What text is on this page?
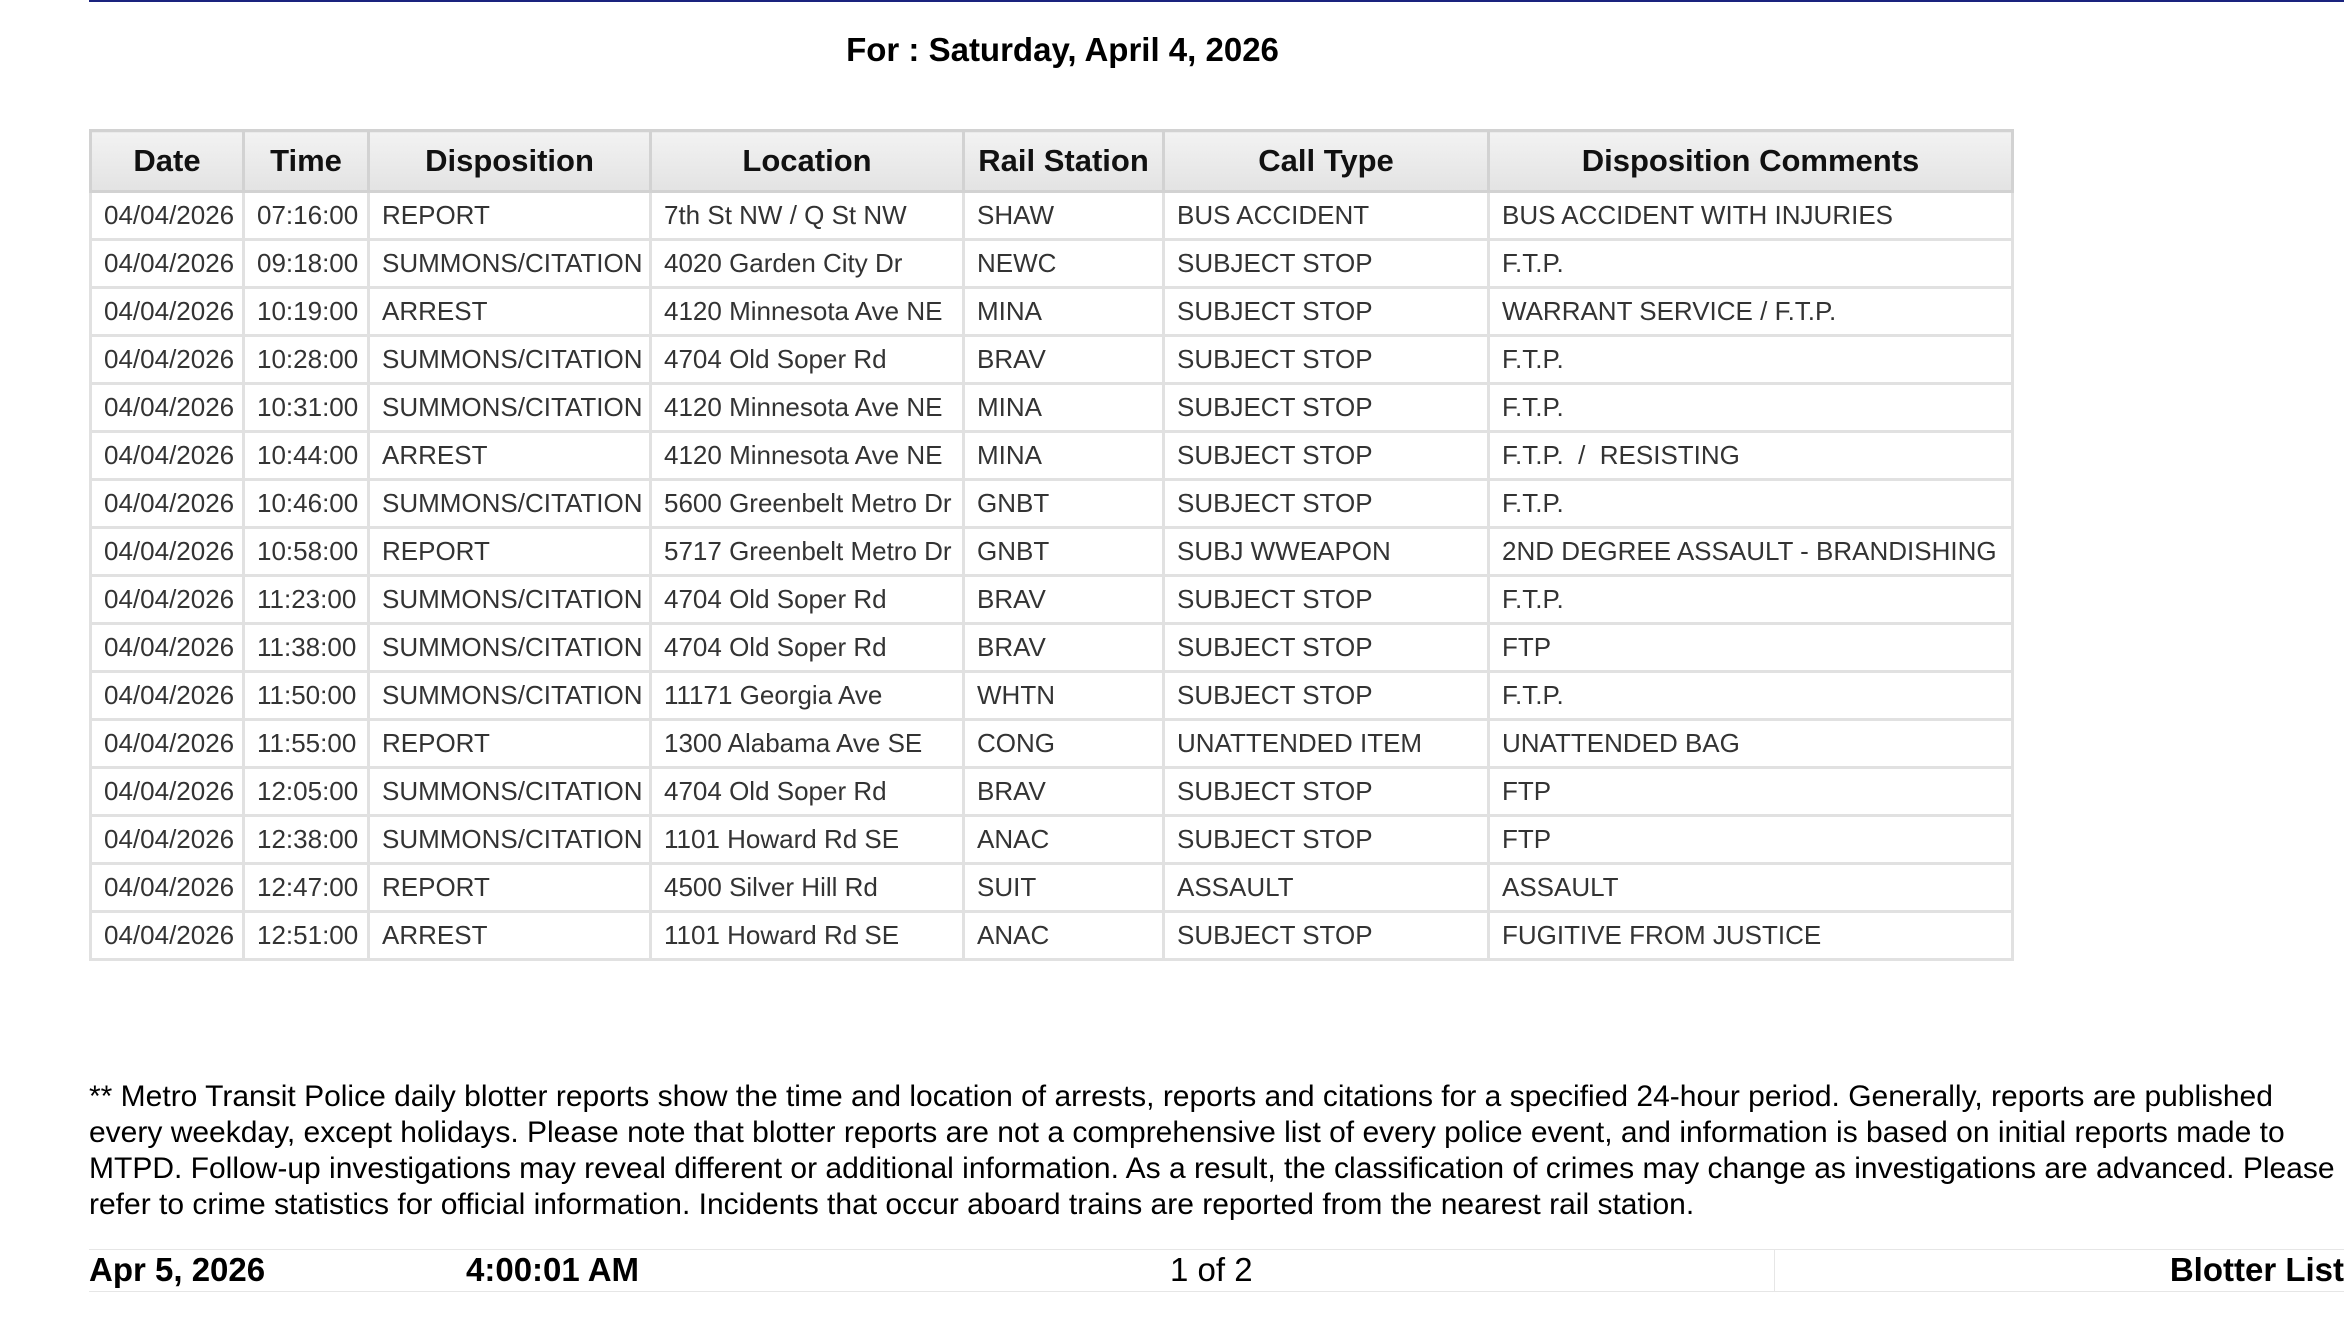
For : Saturday, April 4, 2026
Date	Time	Disposition	Location	Rail Station	Call Type	Disposition Comments
04/04/2026	07:16:00	REPORT	7th St NW / Q St NW	SHAW	BUS ACCIDENT	BUS ACCIDENT WITH INJURIES
04/04/2026	09:18:00	SUMMONS/CITATION	4020 Garden City Dr	NEWC	SUBJECT STOP	F.T.P.
04/04/2026	10:19:00	ARREST	4120 Minnesota Ave NE	MINA	SUBJECT STOP	WARRANT SERVICE / F.T.P.
04/04/2026	10:28:00	SUMMONS/CITATION	4704 Old Soper Rd	BRAV	SUBJECT STOP	F.T.P.
04/04/2026	10:31:00	SUMMONS/CITATION	4120 Minnesota Ave NE	MINA	SUBJECT STOP	F.T.P.
04/04/2026	10:44:00	ARREST	4120 Minnesota Ave NE	MINA	SUBJECT STOP	F.T.P.  /  RESISTING
04/04/2026	10:46:00	SUMMONS/CITATION	5600 Greenbelt Metro Dr	GNBT	SUBJECT STOP	F.T.P.
04/04/2026	10:58:00	REPORT	5717 Greenbelt Metro Dr	GNBT	SUBJ WWEAPON	2ND DEGREE ASSAULT - BRANDISHING
04/04/2026	11:23:00	SUMMONS/CITATION	4704 Old Soper Rd	BRAV	SUBJECT STOP	F.T.P.
04/04/2026	11:38:00	SUMMONS/CITATION	4704 Old Soper Rd	BRAV	SUBJECT STOP	FTP
04/04/2026	11:50:00	SUMMONS/CITATION	11171 Georgia Ave	WHTN	SUBJECT STOP	F.T.P.
04/04/2026	11:55:00	REPORT	1300 Alabama Ave SE	CONG	UNATTENDED ITEM	UNATTENDED BAG
04/04/2026	12:05:00	SUMMONS/CITATION	4704 Old Soper Rd	BRAV	SUBJECT STOP	FTP
04/04/2026	12:38:00	SUMMONS/CITATION	1101 Howard Rd SE	ANAC	SUBJECT STOP	FTP
04/04/2026	12:47:00	REPORT	4500 Silver Hill Rd	SUIT	ASSAULT	ASSAULT
04/04/2026	12:51:00	ARREST	1101 Howard Rd SE	ANAC	SUBJECT STOP	FUGITIVE FROM JUSTICE
** Metro Transit Police daily blotter reports show the time and location of arrests, reports and citations for a specified 24-hour period. Generally, reports are published every weekday, except holidays. Please note that blotter reports are not a comprehensive list of every police event, and information is based on initial reports made to MTPD. Follow-up investigations may reveal different or additional information. As a result, the classification of crimes may change as investigations are advanced. Please refer to crime statistics for official information. Incidents that occur aboard trains are reported from the nearest rail station.
Apr 5, 2026	4:00:01 AM	1 of 2	Blotter List
